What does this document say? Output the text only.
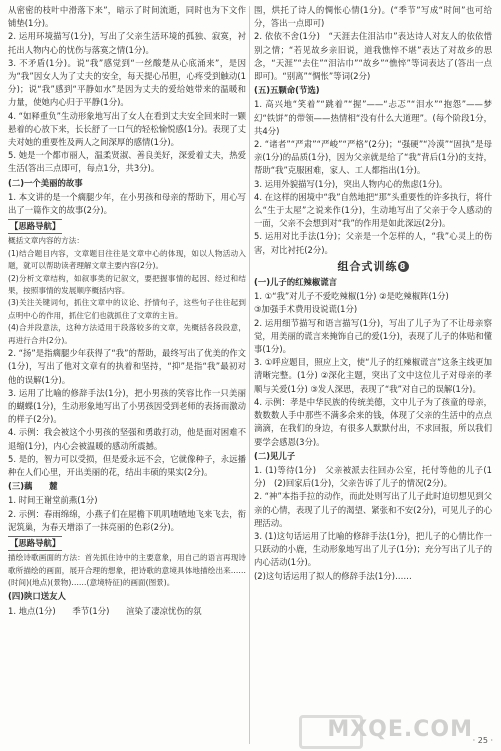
从密密的枝叶中滑落下来”，暗示了时间流逝，同时也为下文作铺垫(1分)。

2. 运用环境描写(1分)，写出了父亲生活环境的孤独、寂寞，衬托出人物内心的忧伤与落寞之情(1分)。

3. 不矛盾(1分)。说“我”感觉到“一丝酸楚从心底涌来”，是因为“我”因女人为了丈夫的安全，每天提心吊胆，心疼受到触动(1分)；说“我”感到“平静如水”是因为丈夫的爱给她带来的温暖和力量，使她内心归于平静(1分)。

4. “如释重负”生动形象地写出了女人在看到丈夫安全回来时一颗悬着的心放下来，长长舒了一口气的轻松愉悦感(1分)。表现了丈夫对她的重要性及两人之间深厚的感情(1分)。

5. 她是一个都市丽人，温柔贤淑、善良美好，深爱着丈夫，热爱生活(答出三点即可，每点1分，共3分)。

(二)一个美丽的故事

1. 本文讲的是一个瘸腿少年，在小男孩和母亲的帮助下，用心写出了一篇作文的故事(2分)。

【思路导航】

概括文章内容的方法：

(1)结合题目内容，文章题目往往是文章中心的体现，如以人物活动入题，就可以帮助读者理解文章主要内容(2分)。

(2)分析文章结构，如叙事类的记叙文，要把握事情的起因、经过和结果，按照事情的发展顺序概括内容。

(3)关注关键词句，抓住文章中的议论、抒情句子，这些句子往往起到点明中心的作用，抓住它们也就抓住了文章的主旨。

(4)合并段意法，这种方法适用于段落较多的文章，先概括各段段意，再进行合并(2分)。

2. “扬”是指瘸腿少年获得了“我”的帮助，最终写出了优美的作文(1分)，写出了他对文章有的执着和坚持，“抑”是指“我”最初对他的误解(1分)。

3. 运用了比喻的修辞手法(1分)，把小男孩的笑容比作一只美丽的蝴蝶(1分)，生动形象地写出了小男孩因受到老师的表扬而激动的样子(2分)。

4. 示例：我会被这个小男孩的坚强和勇敢打动，他是面对困难不退缩(1分)，内心会被温暖的感动所震撼。

5. 是的，智力可以受损，但是爱永远不会，它就像种子，永远播种在人们心里，开出美丽的花，结出丰硕的果实(2分)。

(三)藕　　麓

1. 时间王谢堂前燕(1分)

2. 示例：春雨绵绵，小燕子们在屋檐下叽叽喳喳地飞来飞去，衔泥筑巢，为春天增添了一抹亮丽的色彩(2分)。

【思路导航】

描绘诗歌画面的方法：首先抓住诗中的主要意象，用自己的语言再现诗歌所描绘的画面，展开合理的想象，把诗歌的意境具体地描绘出来……(时间)(地点)(景物)……(意境特征)的画面(图景)。

(四)陕口送友人

1. 地点(1分)　　季节(1分)　　渲染了凄凉忧伤的氛

围，烘托了诗人的惆怅心情(1分)。(“季节”写成“时间”也可给分，答出一点即可)

2. 依依不舍(1分)　“天涯去住泪沾巾”表达诗人对友人的依依惜别之情；“若见故乡亲旧说，道我憔悴不堪”表达了对故乡的思念，“天涯”“去住”“泪沾巾”“故乡”“憔悴”等词表达了(答出一点即可)。“别离”“惆怅”等词(2分)

(五)五颗命(节选)

1. 高兴地“笑着”“跳着”“握”——“忐忑”“泪水”“抱怨”——梦幻“铁饼”的带领——热情相“没有什么大道理”。(每个阶段1分，共4分)

2. “诸者”“严肃”“严峻”“严格”(2分)；“强硬”“冷漠”“固执”是母亲(1分)的品质(1分)，因为父亲就是给了“我”背后(1分)的支持，帮助“我”克服困难，家人、工人都指出(1分)。

3. 运用外貌描写(1分)，突出人物内心的焦虑(1分)。

4. 在这样的困境中“我”自然地把“那”头重要性的许多执行，将什么“生于太屋”之说来作(1分)，生动地写出了父亲于令人感动的一面，父亲不会想到对“我”的作用是如此深远(2分)。

5. 运用对比手法(1分)；父亲是一个怎样的人，“我”心灵上的伤害，对比衬托(2分)。

组合式训练 8

(一)儿子的红辣椒谎言

1. ①“我”对儿子不爱吃辣椒(1分) ②是吃辣椒阵(1分)

③加强手术费用设说谎(1分)

2. 运用细节描写和语言描写(1分)，写出了儿子为了不让母亲察觉，用美丽的谎言来掩饰自己的爱(1分)，表现了儿子的体贴和懂事(1分)。

3. ①呼应题目，照应上文，使“儿子的红辣椒谎言”这条主线更加清晰完整。(1分) ②深化主题，突出了文中这位儿子对母亲的孝顺与关爱(1分) ③发人深思，表现了“我”对自己的误解(1分)。

4. 示例：孝是中华民族的传统美德，文中儿子为了孩童的母亲，数数数人手中那些不满多余来的钱，体现了父亲的生活中的点点滴滴，在我们的身边，有很多人默默付出，不求回报，所以我们要学会感恩(3分)。

(二)见儿子

1. (1)等待(1分)　父亲被派去往回办公室，托付等他的儿子(1分)　(2)回家后(1分)，父亲告诉了儿子的情况(2分)。

2. “神”本指手拉的动作，而此处则写出了儿子此时迫切想见到父亲的心情，表现了儿子的渴望、紧张和不安(2分)，可见儿子的心理活动。

3. (1)这句话运用了比喻的修辞手法(1分)，把儿子的心情比作一只跃动的小鹿，生动形象地写出了儿子(1分)；充分写出了儿子的内心活动(1分)。

(2)这句话运用了拟人的修辞手法(1分)……

MXQE.COM · 25 ·
